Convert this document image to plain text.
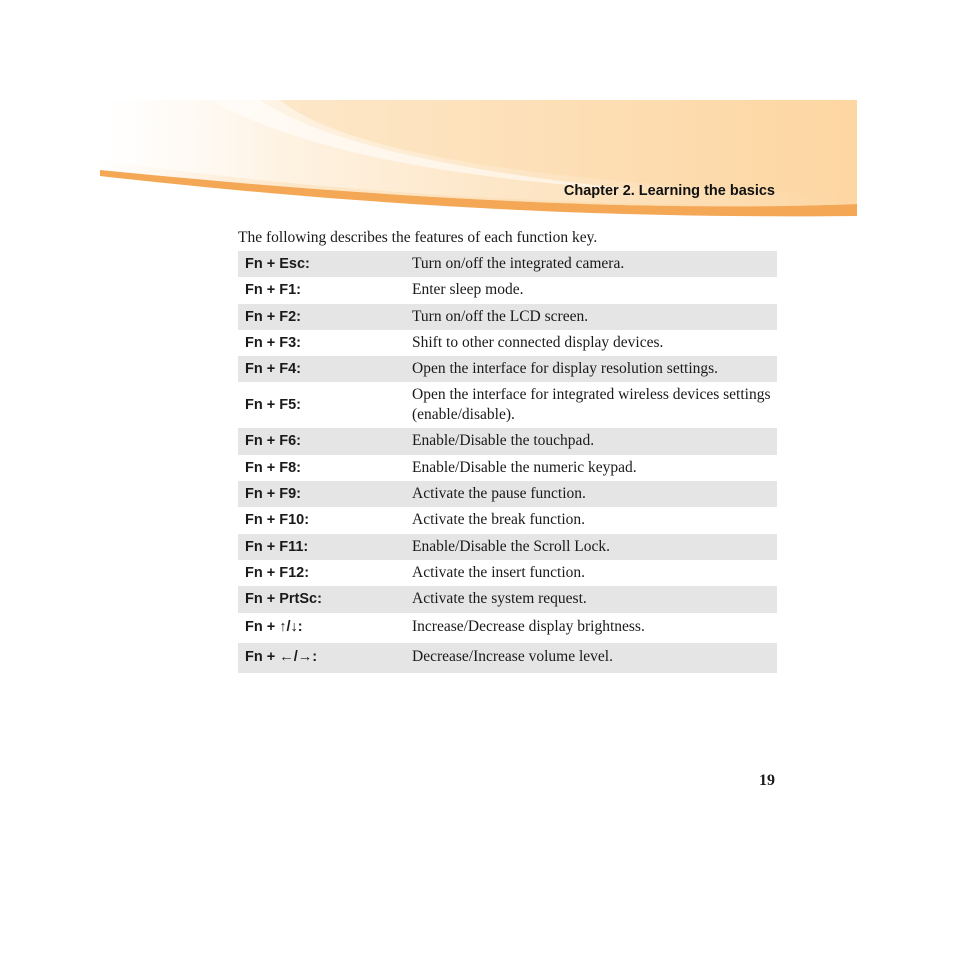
Chapter 2. Learning the basics
The following describes the features of each function key.
Fn + Esc:	Turn on/off the integrated camera.
Fn + F1:	Enter sleep mode.
Fn + F2:	Turn on/off the LCD screen.
Fn + F3:	Shift to other connected display devices.
Fn + F4:	Open the interface for display resolution settings.
Fn + F5:
Open the interface for integrated wireless devices settings (enable/disable).
Fn + F6:	Enable/Disable the touchpad.
Fn + F8:	Enable/Disable the numeric keypad.
Fn + F9:	Activate the pause function.
Fn + F10:	Activate the break function.
Fn + F11:	Enable/Disable the Scroll Lock.
Fn + F12:	Activate the insert function.
Fn + PrtSc:	Activate the system request.
Fn + ↑/↓:	Increase/Decrease display brightness.
Fn + ←/→:	Decrease/Increase volume level.
19
